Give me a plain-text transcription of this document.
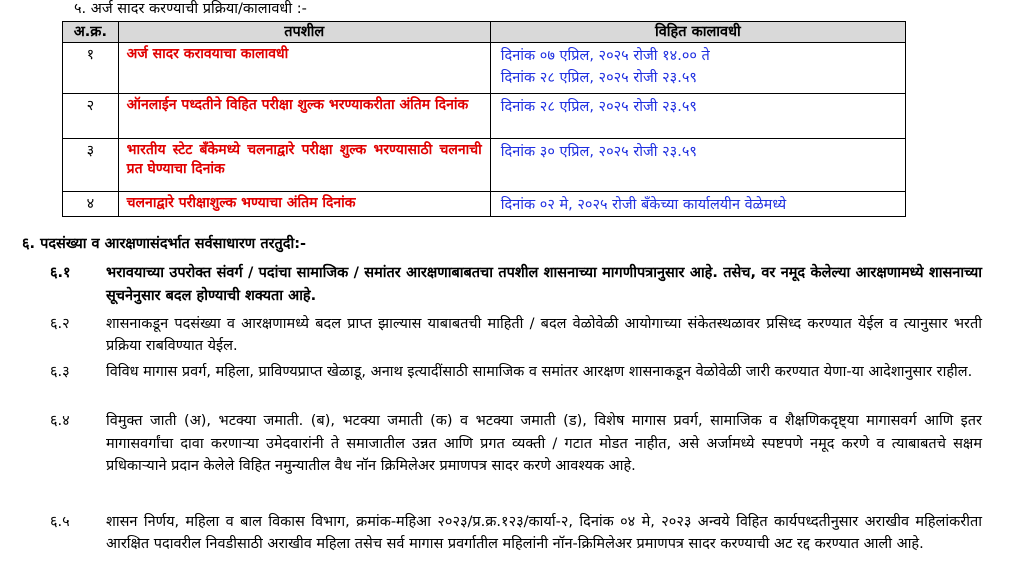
५. अर्ज सादर करण्याची प्रक्रिया/कालावधी :-
अ.क्र.	तपशील	विहित कालावधी
१	अर्ज सादर करावयाचा कालावधी	दिनांक ०७ एप्रिल, २०२५ रोजी १४.०० ते
दिनांक २८ एप्रिल, २०२५ रोजी २३.५९

२	ऑनलाईन पध्दतीने विहित परीक्षा शुल्क भरण्याकरीता अंतिम दिनांक	दिनांक २८ एप्रिल, २०२५ रोजी २३.५९

३	भारतीय स्टेट बँकेमध्ये चलनाद्वारे परीक्षा शुल्क भरण्यासाठी चलनाची प्रत घेण्याचा दिनांक	दिनांक ३० एप्रिल, २०२५ रोजी २३.५९

४	चलनाद्वारे परीक्षाशुल्क भण्याचा अंतिम दिनांक	दिनांक ०२ मे, २०२५ रोजी बँकेच्या कार्यालयीन वेळेमध्ये
६. पदसंख्या व आरक्षणासंदर्भात सर्वसाधारण तरतुदी:-
६.१	भरावयाच्या उपरोक्त संवर्ग / पदांचा सामाजिक / समांतर आरक्षणाबाबतचा तपशील शासनाच्या मागणीपत्रानुसार आहे. तसेच, वर नमूद केलेल्या आरक्षणामध्ये शासनाच्या सूचनेनुसार बदल होण्याची शक्यता आहे.
६.२	शासनाकडून पदसंख्या व आरक्षणामध्ये बदल प्राप्त झाल्यास याबाबतची माहिती / बदल वेळोवेळी आयोगाच्या संकेतस्थळावर प्रसिध्द करण्यात येईल व त्यानुसार भरती प्रक्रिया राबविण्यात येईल.
६.३	विविध मागास प्रवर्ग, महिला, प्राविण्यप्राप्त खेळाडू, अनाथ इत्यादींसाठी सामाजिक व समांतर आरक्षण शासनाकडून वेळोवेळी जारी करण्यात येणा-या आदेशानुसार राहील.
६.४	विमुक्त जाती (अ), भटक्या जमाती. (ब), भटक्या जमाती (क) व भटक्या जमाती (ड), विशेष मागास प्रवर्ग, सामाजिक व शैक्षणिकदृष्ट्या मागासवर्ग आणि इतर मागासवर्गांचा दावा करणाऱ्या उमेदवारांनी ते समाजातील उन्नत आणि प्रगत व्यक्ती / गटात मोडत नाहीत, असे अर्जामध्ये स्पष्टपणे नमूद करणे व त्याबाबतचे सक्षम प्रधिकाऱ्याने प्रदान केलेले विहित नमुन्यातील वैध नॉन क्रिमिलेअर प्रमाणपत्र सादर करणे आवश्यक आहे.
६.५	शासन निर्णय, महिला व बाल विकास विभाग, क्रमांक-महिआ २०२३/प्र.क्र.१२३/कार्या-२, दिनांक ०४ मे, २०२३ अन्वये विहित कार्यपध्दतीनुसार अराखीव महिलांकरीता आरक्षित पदावरील निवडीसाठी अराखीव महिला तसेच सर्व मागास प्रवर्गातील महिलांनी नॉन-क्रिमिलेअर प्रमाणपत्र सादर करण्याची अट रद्द करण्यात आली आहे.
